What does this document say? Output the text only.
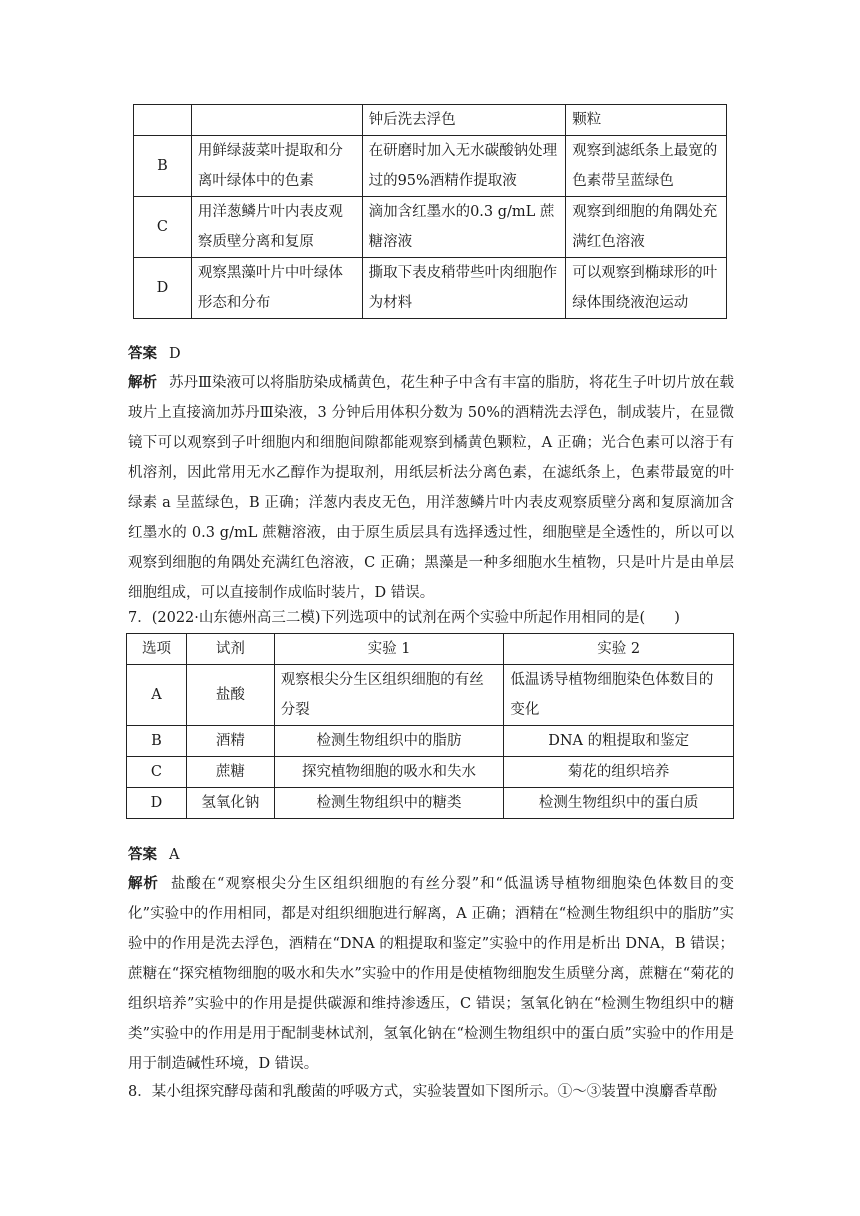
		钟后洗去浮色	颗粒
B	用鲜绿菠菜叶提取和分离叶绿体中的色素	在研磨时加入无水碳酸钠处理过的95%酒精作提取液	观察到滤纸条上最宽的色素带呈蓝绿色
C	用洋葱鳞片叶内表皮观察质壁分离和复原	滴加含红墨水的0.3 g/mL 蔗糖溶液	观察到细胞的角隅处充满红色溶液
D	观察黑藻叶片中叶绿体形态和分布	撕取下表皮稍带些叶肉细胞作为材料	可以观察到椭球形的叶绿体围绕液泡运动
答案 D
解析 苏丹Ⅲ染液可以将脂肪染成橘黄色，花生种子中含有丰富的脂肪，将花生子叶切片放在载玻片上直接滴加苏丹Ⅲ染液，3 分钟后用体积分数为 50%的酒精洗去浮色，制成装片，在显微镜下可以观察到子叶细胞内和细胞间隙都能观察到橘黄色颗粒，A 正确；光合色素可以溶于有机溶剂，因此常用无水乙醇作为提取剂，用纸层析法分离色素，在滤纸条上，色素带最宽的叶绿素 a 呈蓝绿色，B 正确；洋葱内表皮无色，用洋葱鳞片叶内表皮观察质壁分离和复原滴加含红墨水的 0.3 g/mL 蔗糖溶液，由于原生质层具有选择透过性，细胞壁是全透性的，所以可以观察到细胞的角隅处充满红色溶液，C 正确；黑藻是一种多细胞水生植物，只是叶片是由单层细胞组成，可以直接制作成临时装片，D 错误。
7．(2022·山东德州高三二模)下列选项中的试剂在两个实验中所起作用相同的是(　　)
选项	试剂	实验 1	实验 2
A	盐酸	观察根尖分生区组织细胞的有丝分裂	低温诱导植物细胞染色体数目的变化
B	酒精	检测生物组织中的脂肪	DNA 的粗提取和鉴定
C	蔗糖	探究植物细胞的吸水和失水	菊花的组织培养
D	氢氧化钠	检测生物组织中的糖类	检测生物组织中的蛋白质
答案 A
解析 盐酸在“观察根尖分生区组织细胞的有丝分裂”和“低温诱导植物细胞染色体数目的变化”实验中的作用相同，都是对组织细胞进行解离，A 正确；酒精在“检测生物组织中的脂肪”实验中的作用是洗去浮色，酒精在“DNA 的粗提取和鉴定”实验中的作用是析出 DNA，B 错误；蔗糖在“探究植物细胞的吸水和失水”实验中的作用是使植物细胞发生质壁分离，蔗糖在“菊花的组织培养”实验中的作用是提供碳源和维持渗透压，C 错误；氢氧化钠在“检测生物组织中的糖类”实验中的作用是用于配制斐林试剂，氢氧化钠在“检测生物组织中的蛋白质”实验中的作用是用于制造碱性环境，D 错误。
8．某小组探究酵母菌和乳酸菌的呼吸方式，实验装置如下图所示。①～③装置中溴麝香草酚
